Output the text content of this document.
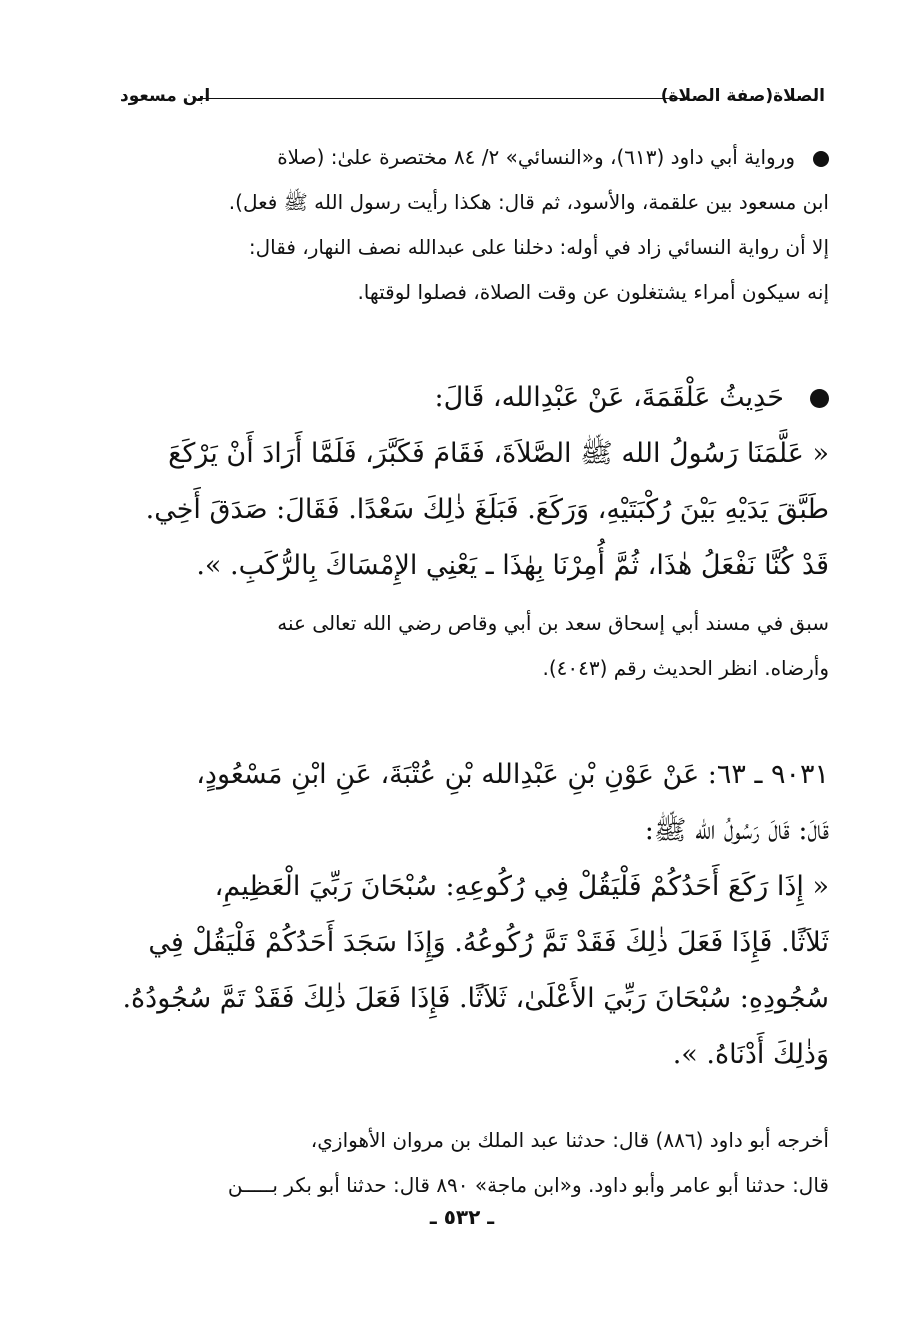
الصلاة(صفة الصلاة)
ابن مسعود
ورواية أبي داود (٦١٣)، و«النسائي» ٢/ ٨٤ مختصرة علىٰ: (صلاة
ابن مسعود بين علقمة، والأسود، ثم قال: هكذا رأيت رسول الله ﷺ فعل).
إلا أن رواية النسائي زاد في أوله: دخلنا على عبدالله نصف النهار، فقال:
إنه سيكون أمراء يشتغلون عن وقت الصلاة، فصلوا لوقتها.
حَدِيثُ عَلْقَمَةَ، عَنْ عَبْدِالله، قَالَ:
« عَلَّمَنَا رَسُولُ الله ﷺ الصَّلاَةَ، فَقَامَ فَكَبَّرَ، فَلَمَّا أَرَادَ أَنْ يَرْكَعَ
طَبَّقَ يَدَيْهِ بَيْنَ رُكْبَتَيْهِ، وَرَكَعَ. فَبَلَغَ ذٰلِكَ سَعْدًا. فَقَالَ: صَدَقَ أَخِي.
قَدْ كُنَّا نَفْعَلُ هٰذَا، ثُمَّ أُمِرْنَا بِهٰذَا ـ يَعْنِي الإِمْسَاكَ بِالرُّكَبِ. ».
سبق في مسند أبي إسحاق سعد بن أبي وقاص رضي الله تعالى عنه
وأرضاه. انظر الحديث رقم (٤٠٤٣).
٩٠٣١ ـ ٦٣: عَنْ عَوْنِ بْنِ عَبْدِالله بْنِ عُتْبَةَ، عَنِ ابْنِ مَسْعُودٍ،
قَالَ: قَالَ رَسُولُ الله ﷺ:
« إِذَا رَكَعَ أَحَدُكُمْ فَلْيَقُلْ فِي رُكُوعِهِ: سُبْحَانَ رَبِّيَ الْعَظِيمِ،
ثَلاَثًا. فَإِذَا فَعَلَ ذٰلِكَ فَقَدْ تَمَّ رُكُوعُهُ. وَإِذَا سَجَدَ أَحَدُكُمْ فَلْيَقُلْ فِي
سُجُودِهِ: سُبْحَانَ رَبِّيَ الأَعْلَىٰ، ثَلاَثًا. فَإِذَا فَعَلَ ذٰلِكَ فَقَدْ تَمَّ سُجُودُهُ.
وَذٰلِكَ أَدْنَاهُ. ».
أخرجه أبو داود (٨٨٦) قال: حدثنا عبد الملك بن مروان الأهوازي،
قال: حدثنا أبو عامر وأبو داود. و«ابن ماجة» ٨٩٠ قال: حدثنا أبو بكر بـــــن
ـ ٥٣٢ ـ
